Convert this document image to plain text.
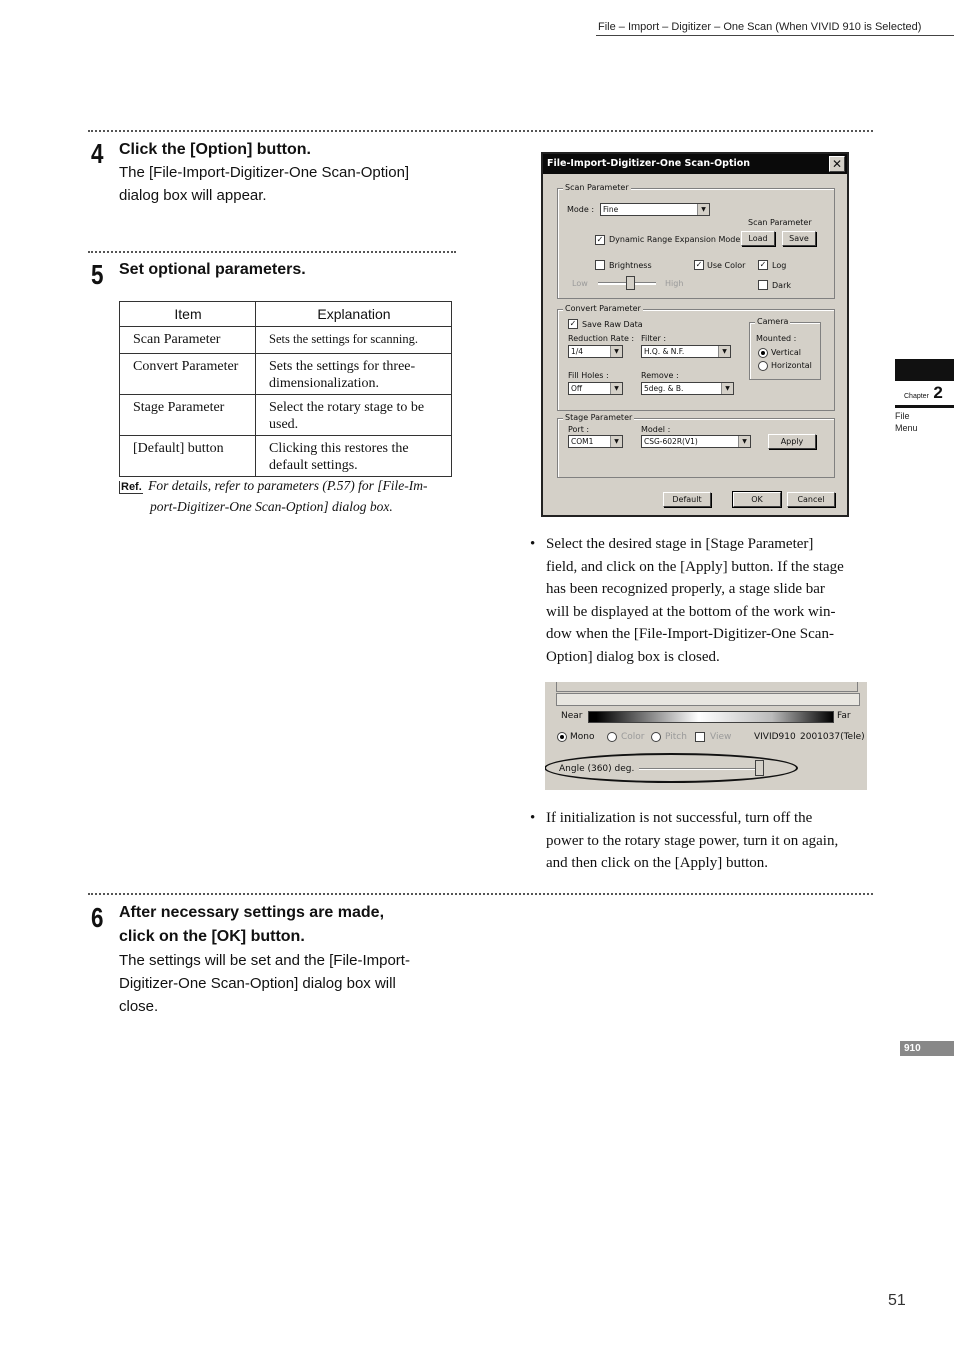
File – Import – Digitizer – One Scan (When VIVID 910 is Selected)
4 Click the [Option] button.
The [File-Import-Digitizer-One Scan-Option]
dialog box will appear.
5 Set optional parameters.
Item	Explanation
Scan Parameter	Sets the settings for scanning.
Convert Parameter	Sets the settings for three-
dimensionalization.

Stage Parameter	Select the rotary stage to be
used.

[Default] button	Clicking this restores the
default settings.
Ref. For details, refer to parameters (P.57) for [File-Im-
port-Digitizer-One Scan-Option] dialog box.
File-Import-Digitizer-One Scan-Option	✕
Scan Parameter
Mode :	Fine	▼
Scan Parameter
Load	Save
✓ Dynamic Range Expansion Mode
Brightness	✓ Use Color ✓ Log
Dark
Low	High
Convert Parameter
✓ Save Raw Data
Reduction Rate :
1/4	▼
Filter :
H.Q. & N.F.	▼
Fill Holes :
Off	▼
Remove :
5deg. & B.	▼
Camera
Mounted :
Vertical
Horizontal
Stage Parameter
Port :
COM1	▼
Model :
CSG-602R(V1)	▼	Apply
Default	OK	Cancel
• Select the desired stage in [Stage Parameter]
field, and click on the [Apply] button. If the stage
has been recognized properly, a stage slide bar
will be displayed at the bottom of the work win-
dow when the [File-Import-Digitizer-One Scan-
Option] dialog box is closed.
Near	Far
Mono	Color Pitch	View	VIVID910 2001037(Tele)
Angle (360) deg.
• If initialization is not successful, turn off the
power to the rotary stage power, turn it on again,
and then click on the [Apply] button.
6 After necessary settings are made,
click on the [OK] button.
The settings will be set and the [File-Import-
Digitizer-One Scan-Option] dialog box will
close.
Chapter 2
File
Menu
910
51
